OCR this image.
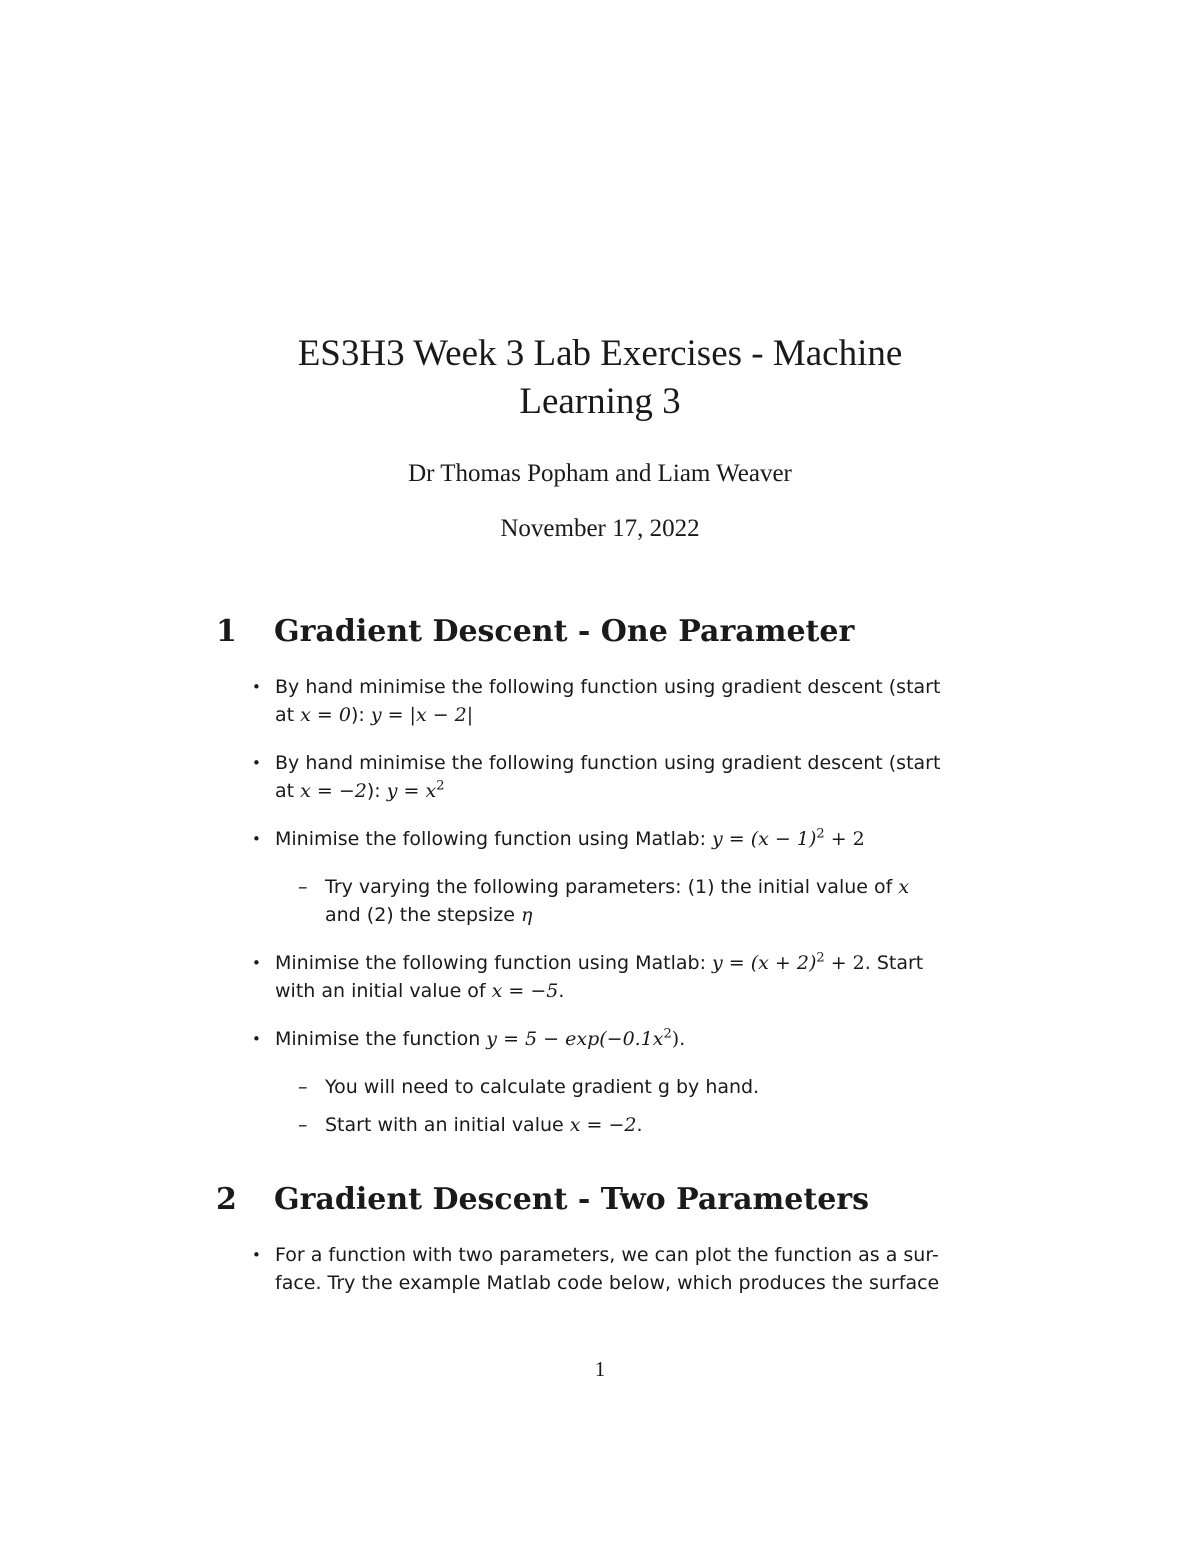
ES3H3 Week 3 Lab Exercises - Machine
Learning 3
Dr Thomas Popham and Liam Weaver
November 17, 2022
1 Gradient Descent - One Parameter
• By hand minimise the following function using gradient descent (start
at x = 0): y = |x − 2|
• By hand minimise the following function using gradient descent (start
at x = −2): $y = x^2$
• Minimise the following function using Matlab: $y = (x - 1)^2 + 2$
– Try varying the following parameters: (1) the initial value of x
and (2) the stepsize η
• Minimise the following function using Matlab: $y = (x + 2)^2 + 2$. Start
with an initial value of x = −5.
• Minimise the function $y = 5 - \exp(-0.1x^2)$.
– You will need to calculate gradient g by hand.
– Start with an initial value x = −2.
2 Gradient Descent - Two Parameters
• For a function with two parameters, we can plot the function as a sur-
face. Try the example Matlab code below, which produces the surface
1
